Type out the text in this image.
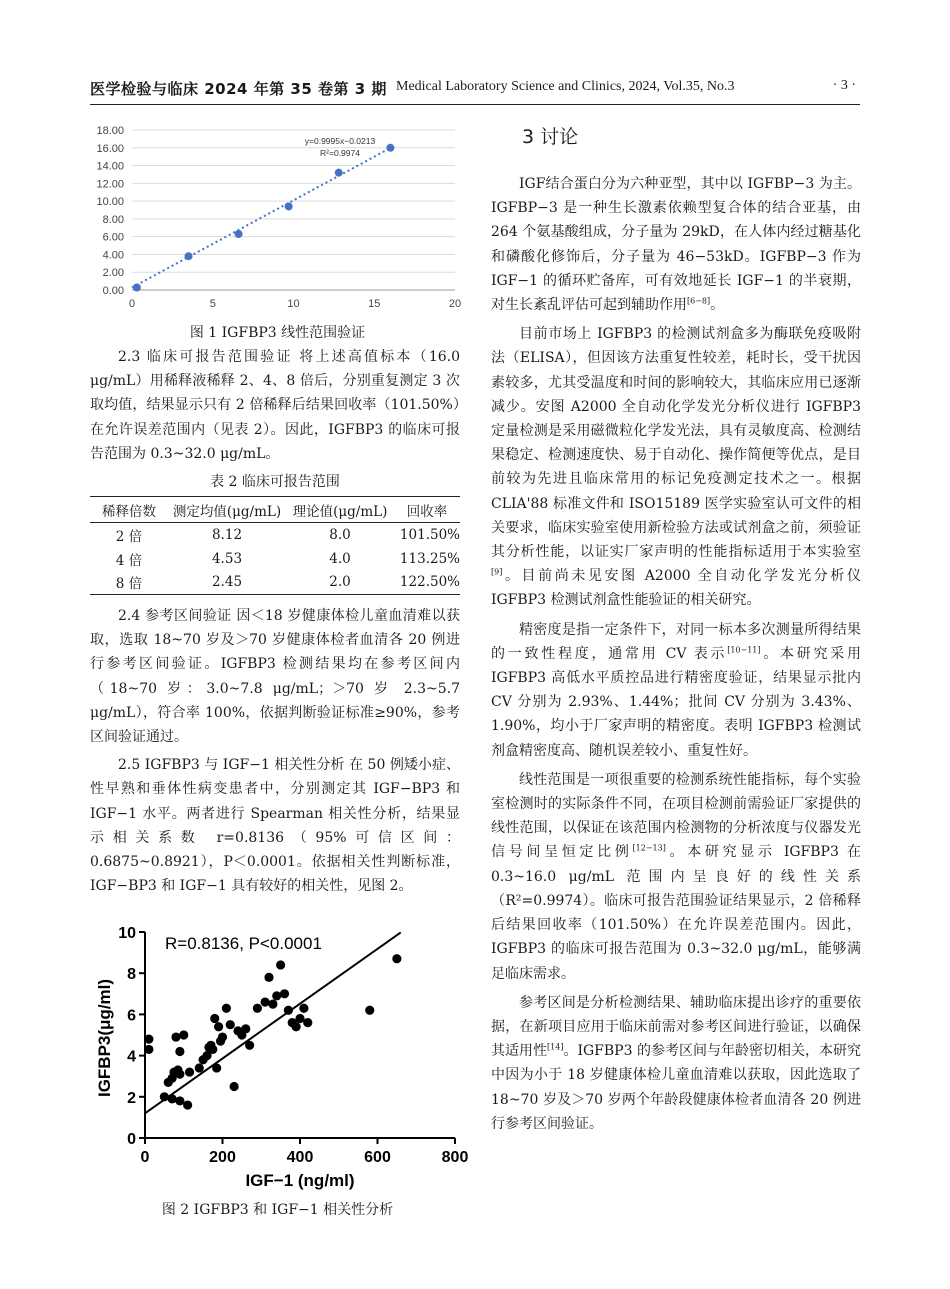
医学检验与临床 2024 年第 35 卷第 3 期 Medical Laboratory Science and Clinics, 2024, Vol.35, No.3	· 3 ·
18.00
16.00
14.00
12.00
10.00
8.00
6.00
4.00
2.00
0.00
0	5	10	15	20
y=0.9995x−0.0213
R²=0.9974
图 1 IGFBP3 线性范围验证

2.3 临床可报告范围验证 将上述高值标本（16.0 μg/mL）用稀释液稀释 2、4、8 倍后，分别重复测定 3 次取均值，结果显示只有 2 倍稀释后结果回收率（101.50%）在允许误差范围内（见表 2）。因此，IGFBP3 的临床可报告范围为 0.3~32.0 μg/mL。

表 2 临床可报告范围
稀释倍数	测定均值(μg/mL)	理论值(μg/mL)	回收率
2 倍	8.12	8.0	101.50%
4 倍	4.53	4.0	113.25%
8 倍	2.45	2.0	122.50%

2.4 参考区间验证 因＜18 岁健康体检儿童血清难以获取，选取 18~70 岁及＞70 岁健康体检者血清各 20 例进行参考区间验证。IGFBP3 检测结果均在参考区间内（18~70 岁：3.0~7.8 μg/mL；＞70 岁 2.3~5.7 μg/mL），符合率 100%，依据判断验证标准≥90%，参考区间验证通过。

2.5 IGFBP3 与 IGF−1 相关性分析 在 50 例矮小症、性早熟和垂体性病变患者中，分别测定其 IGF−BP3 和 IGF−1 水平。两者进行 Spearman 相关性分析，结果显示相关系数 r=0.8136（95%可信区间：0.6875~0.8921），P＜0.0001。依据相关性判断标准，IGF−BP3 和 IGF−1 具有较好的相关性，见图 2。

0
2
4
6
8
10
0	200	400	600	800
R=0.8136, P<0.0001
IGF−1 (ng/ml)
IGFBP3(μg/ml)
图 2 IGFBP3 和 IGF−1 相关性分析
3 讨论

IGF结合蛋白分为六种亚型，其中以 IGFBP−3 为主。IGFBP−3 是一种生长激素依赖型复合体的结合亚基，由 264 个氨基酸组成，分子量为 29kD，在人体内经过糖基化和磷酸化修饰后，分子量为 46−53kD。IGFBP−3 作为 IGF−1 的循环贮备库，可有效地延长 IGF−1 的半衰期，对生长紊乱评估可起到辅助作用[6−8]。

目前市场上 IGFBP3 的检测试剂盒多为酶联免疫吸附法（ELISA），但因该方法重复性较差，耗时长，受干扰因素较多，尤其受温度和时间的影响较大，其临床应用已逐渐减少。安图 A2000 全自动化学发光分析仪进行 IGFBP3 定量检测是采用磁微粒化学发光法，具有灵敏度高、检测结果稳定、检测速度快、易于自动化、操作简便等优点，是目前较为先进且临床常用的标记免疫测定技术之一。根据 CLIA'88 标准文件和 ISO15189 医学实验室认可文件的相关要求，临床实验室使用新检验方法或试剂盒之前，须验证其分析性能，以证实厂家声明的性能指标适用于本实验室[9]。目前尚未见安图 A2000 全自动化学发光分析仪 IGFBP3 检测试剂盒性能验证的相关研究。

精密度是指一定条件下，对同一标本多次测量所得结果的一致性程度，通常用 CV 表示[10−11]。本研究采用 IGFBP3 高低水平质控品进行精密度验证，结果显示批内 CV 分别为 2.93%、1.44%；批间 CV 分别为 3.43%、1.90%，均小于厂家声明的精密度。表明 IGFBP3 检测试剂盒精密度高、随机误差较小、重复性好。

线性范围是一项很重要的检测系统性能指标，每个实验室检测时的实际条件不同，在项目检测前需验证厂家提供的线性范围，以保证在该范围内检测物的分析浓度与仪器发光信号间呈恒定比例[12−13]。本研究显示 IGFBP3 在 0.3~16.0 μg/mL 范围内呈良好的线性关系（R²=0.9974）。临床可报告范围验证结果显示，2 倍稀释后结果回收率（101.50%）在允许误差范围内。因此，IGFBP3 的临床可报告范围为 0.3~32.0 μg/mL，能够满足临床需求。

参考区间是分析检测结果、辅助临床提出诊疗的重要依据，在新项目应用于临床前需对参考区间进行验证，以确保其适用性[14]。IGFBP3 的参考区间与年龄密切相关，本研究中因为小于 18 岁健康体检儿童血清难以获取，因此选取了 18~70 岁及＞70 岁两个年龄段健康体检者血清各 20 例进行参考区间验证。
